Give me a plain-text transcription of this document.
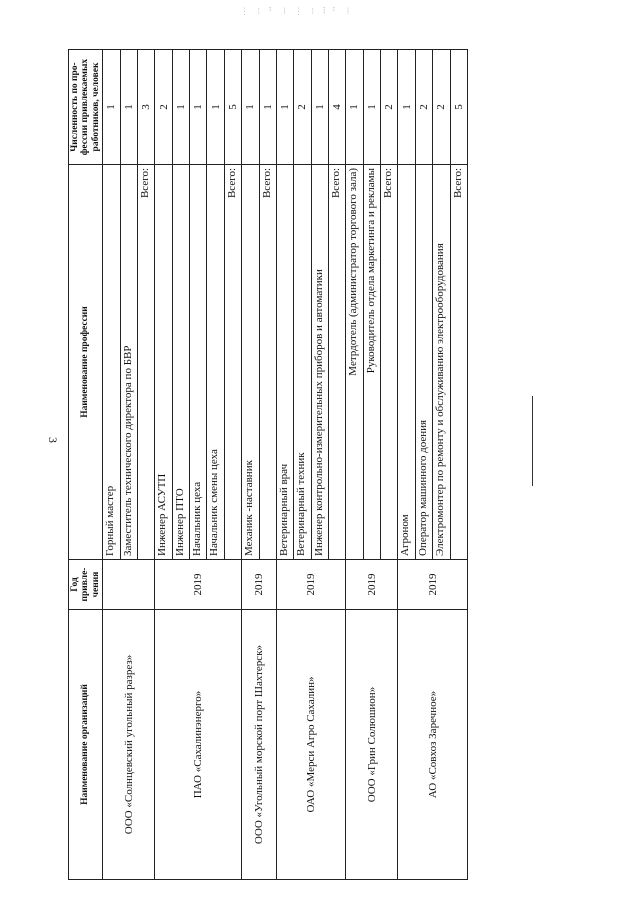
⋮ ⁝ ⠃ ⁞ ⋮ ⁝ ⠇⠃ ⁞
3
Наименование организаций	Год привле-чения	Наименование профессии	Численность по про-фессии привлекаемых работников, человек
ООО «Солнцевский угольный разрез»		Горный мастер	1
		Заместитель технического директора по БВР	1
		Всего:	3
ПАО «Сахалинэнерго»	2019	Инженер АСУТП	2
		Инженер ПТО	1
		Начальник цеха	1
		Начальник смены цеха	1
		Всего:	5
ООО «Угольный морской порт Шахтерск»	2019	Механик -наставник	1
		Всего:	1
ОАО «Мерси Агро Сахалин»	2019	Ветеринарный врач	1
		Ветеринарный техник	2
		Инженер контрольно-измерительных приборов и автоматики	1
		Всего:	4
ООО «Грин Солюшион»	2019	Метрдотель (администратор торгового зала)	1
		Руководитель отдела маркетинга и рекламы	1
		Всего:	2
АО «Совхоз Заречное»	2019	Агроном	1
		Оператор машинного доения	2
		Электромонтер по ремонту и обслуживанию электрооборудования	2
		Всего:	5
